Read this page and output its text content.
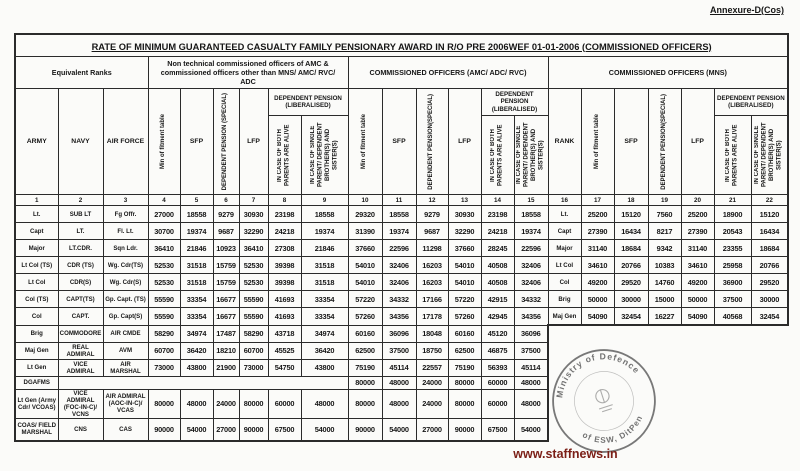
Annexure-D(Cos)
RATE OF MINIMUM GUARANTEED CASUALTY FAMILY PENSIONARY AWARD IN R/O PRE 2006WEF 01-01-2006 (COMMISSIONED OFFICERS)																					
Equivalent Ranks			Non technical commissioned officers of AMC & commissioned officers other than MNS/ AMC/ RVC/ ADC						COMMISSIONED OFFICERS (AMC/ ADC/ RVC)						COMMISSIONED OFFICERS (MNS)						
ARMY	NAVY	AIR FORCE	Min of fitment table	SFP	DEPENDENT PENSION (SPECIAL)	LFP	DEPENDENT PENSION (LIBERALISED)		Min of fitment table	SFP	DEPENDENT PENSION(SPECIAL)	LFP	DEPENDENT PENSION (LIBERALISED)		RANK	Min of fitment table	SFP	DEPENDENT PENSION(SPECIAL)	LFP	DEPENDENT PENSION (LIBERALISED)	

							IN CASE OF BOTH PARENTS ARE ALIVE	IN CASE OF SINGLE PARENT/ DEPENDENT BROTHER(S) AND SISTER(S)					IN CASE OF BOTH PARENTS ARE ALIVE	IN CASE OF SINGLE PARENT/ DEPENDENT BROTHER(S) AND SISTER(S)						IN CASE OF BOTH PARENTS ARE ALIVE	IN CASE OF SINGLE PARENT/ DEPENDENT BROTHER(S) AND SISTER(S)

1	2	3	4	5	6	7	8	9	10	11	12	13	14	15	16	17	18	19	20	21	22
Lt.	SUB LT	Fg Offr.	27000	18558	9279	30930	23198	18558	29320	18558	9279	30930	23198	18558	Lt.	25200	15120	7560	25200	18900	15120
Capt	LT.	Fl. Lt.	30700	19374	9687	32290	24218	19374	31390	19374	9687	32290	24218	19374	Capt	27390	16434	8217	27390	20543	16434
Major	LT.CDR.	Sqn Ldr.	36410	21846	10923	36410	27308	21846	37660	22596	11298	37660	28245	22596	Major	31140	18684	9342	31140	23355	18684
Lt Col (TS)	CDR (TS)	Wg. Cdr(TS)	52530	31518	15759	52530	39398	31518	54010	32406	16203	54010	40508	32406	Lt Col	34610	20766	10383	34610	25958	20766
Lt Col	CDR(S)	Wg. Cdr(S)	52530	31518	15759	52530	39398	31518	54010	32406	16203	54010	40508	32406	Col	49200	29520	14760	49200	36900	29520
Col (TS)	CAPT(TS)	Gp. Capt. (TS)	55590	33354	16677	55590	41693	33354	57220	34332	17166	57220	42915	34332	Brig	50000	30000	15000	50000	37500	30000
Col	CAPT.	Gp. Capt(S)	55590	33354	16677	55590	41693	33354	57260	34356	17178	57260	42945	34356	Maj Gen	54090	32454	16227	54090	40568	32454
Brig	COMMODORE	AIR CMDE	58290	34974	17487	58290	43718	34974	60160	36096	18048	60160	45120	36096							
Maj Gen	REAL ADMIRAL	AVM	60700	36420	18210	60700	45525	36420	62500	37500	18750	62500	46875	37500							
Lt Gen	VICE ADMIRAL	AIR MARSHAL	73000	43800	21900	73000	54750	43800	75190	45114	22557	75190	56393	45114							
DGAFMS									80000	48000	24000	80000	60000	48000							
Lt Gen (Army Cdr/ VCOAS)	VICE ADMIRAL (FOC-IN-C)/ VCNS	AIR ADMIRAL (AOC-IN-C)/ VCAS	80000	48000	24000	80000	60000	48000	80000	48000	24000	80000	60000	48000							
COAS/ FIELD MARSHAL	CNS	CAS	90000	54000	27000	90000	67500	54000	90000	54000	27000	90000	67500	54000							
Ministry of Defence
of ESW, DitPen
www.staffnews.in
